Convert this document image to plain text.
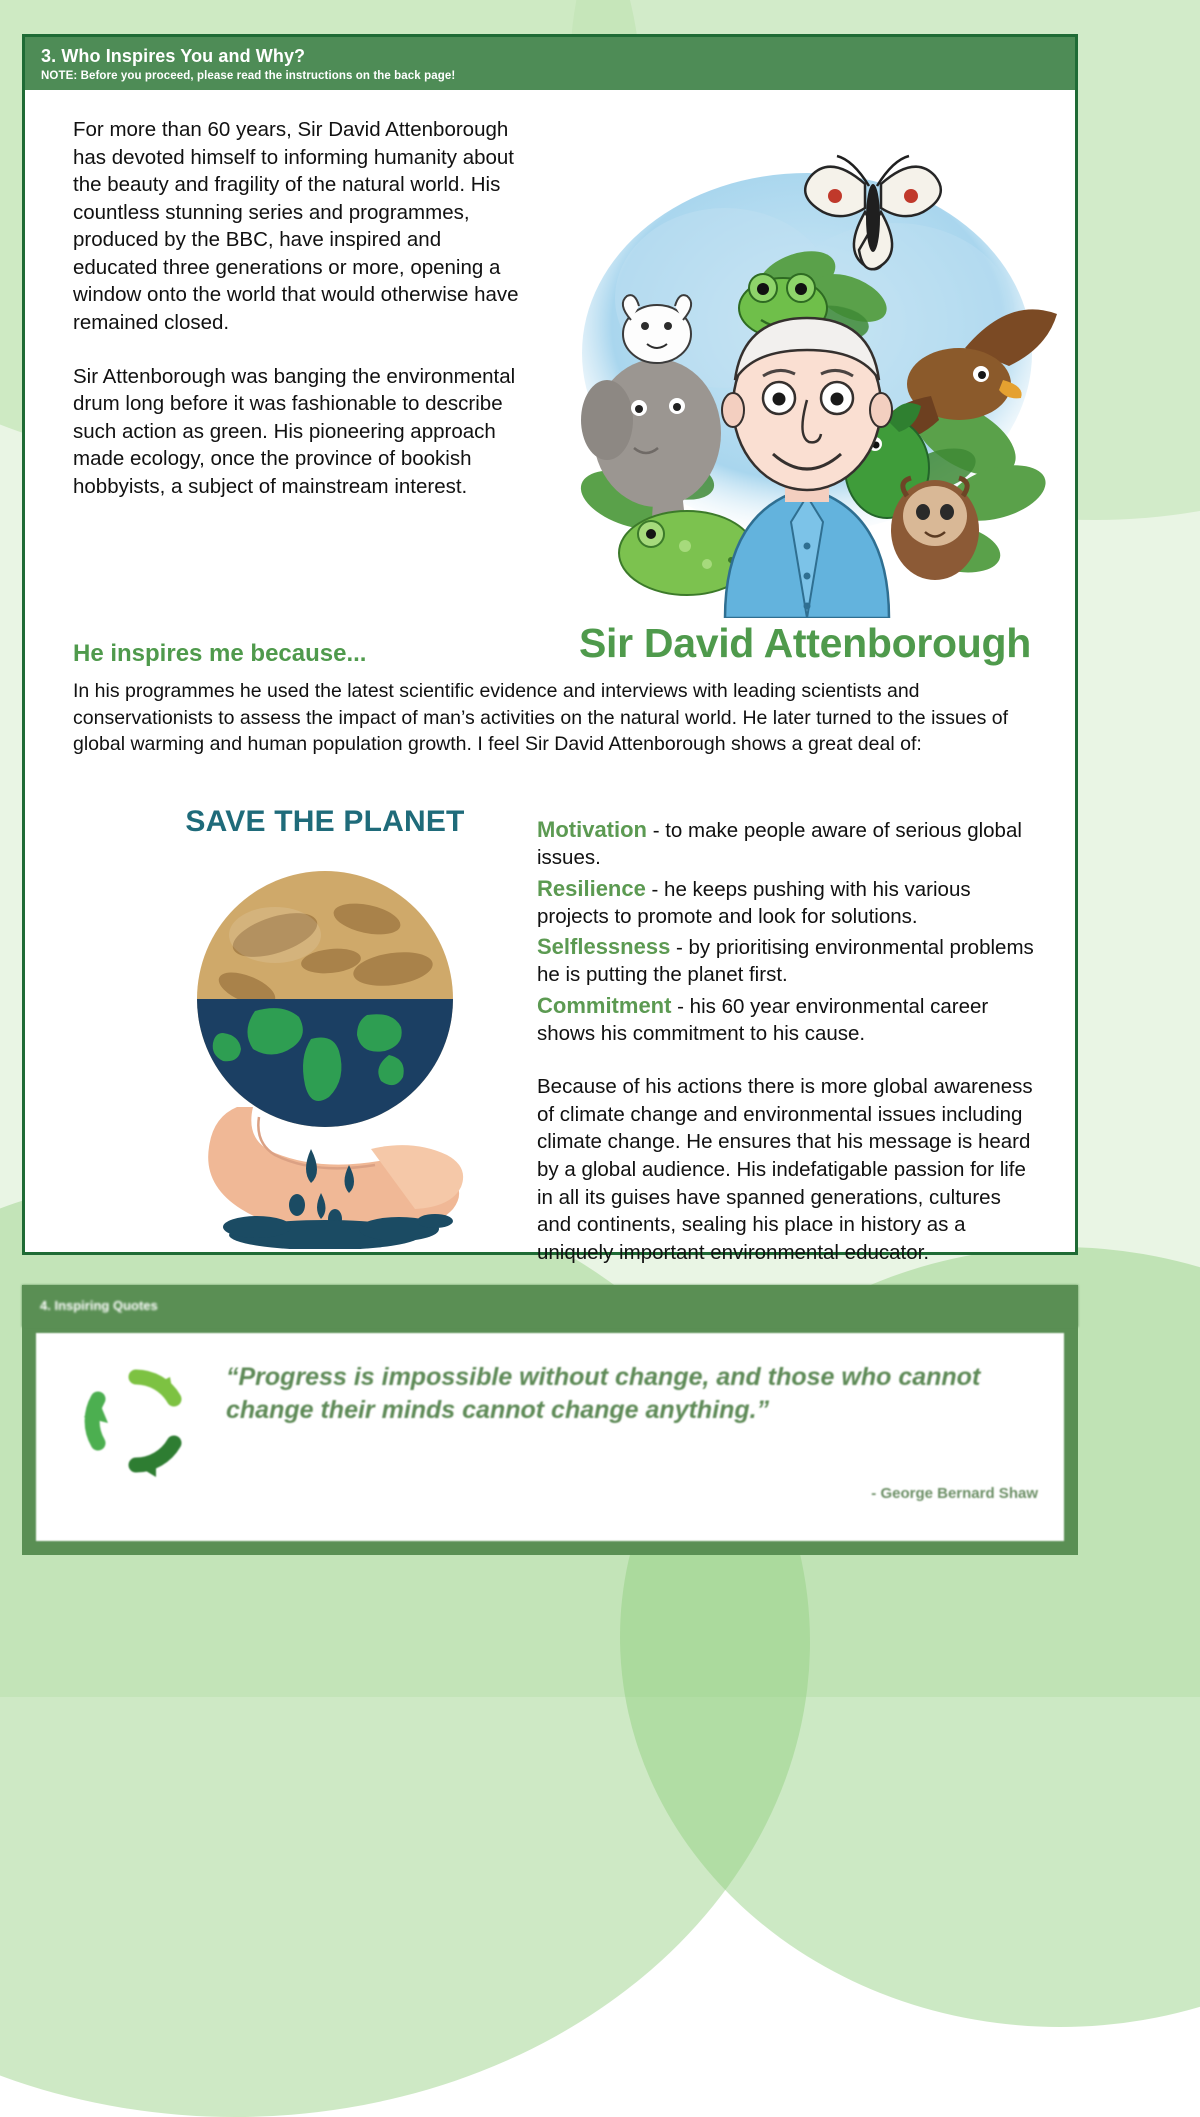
3. Who Inspires You and Why?
NOTE: Before you proceed, please read the instructions on the back page!

For more than 60 years, Sir David Attenborough has devoted himself to informing humanity about the beauty and fragility of the natural world. His countless stunning series and programmes, produced by the BBC, have inspired and educated three generations or more, opening a window onto the world that would otherwise have remained closed.

Sir Attenborough was banging the environmental drum long before it was fashionable to describe such action as green. His pioneering approach made ecology, once the province of bookish hobbyists, a subject of mainstream interest.

Sir David Attenborough
He inspires me because...
In his programmes he used the latest scientific evidence and interviews with leading scientists and conservationists to assess the impact of man’s activities on the natural world. He later turned to the issues of global warming and human population growth. I feel Sir David Attenborough shows a great deal of:
SAVE THE PLANET	Motivation - to make people aware of serious global issues.
Resilience - he keeps pushing with his various projects to promote and look for solutions.
Selflessness - by prioritising environmental problems he is putting the planet first.
Commitment - his 60 year environmental career shows his commitment to his cause.
Because of his actions there is more global awareness of climate change and environmental issues including climate change. He ensures that his message is heard by a global audience. His indefatigable passion for life in all its guises have spanned generations, cultures and continents, sealing his place in history as a uniquely important environmental educator.
4. Inspiring Quotes
“Progress is impossible without change, and those who cannot change their minds cannot change anything.”
- George Bernard Shaw
